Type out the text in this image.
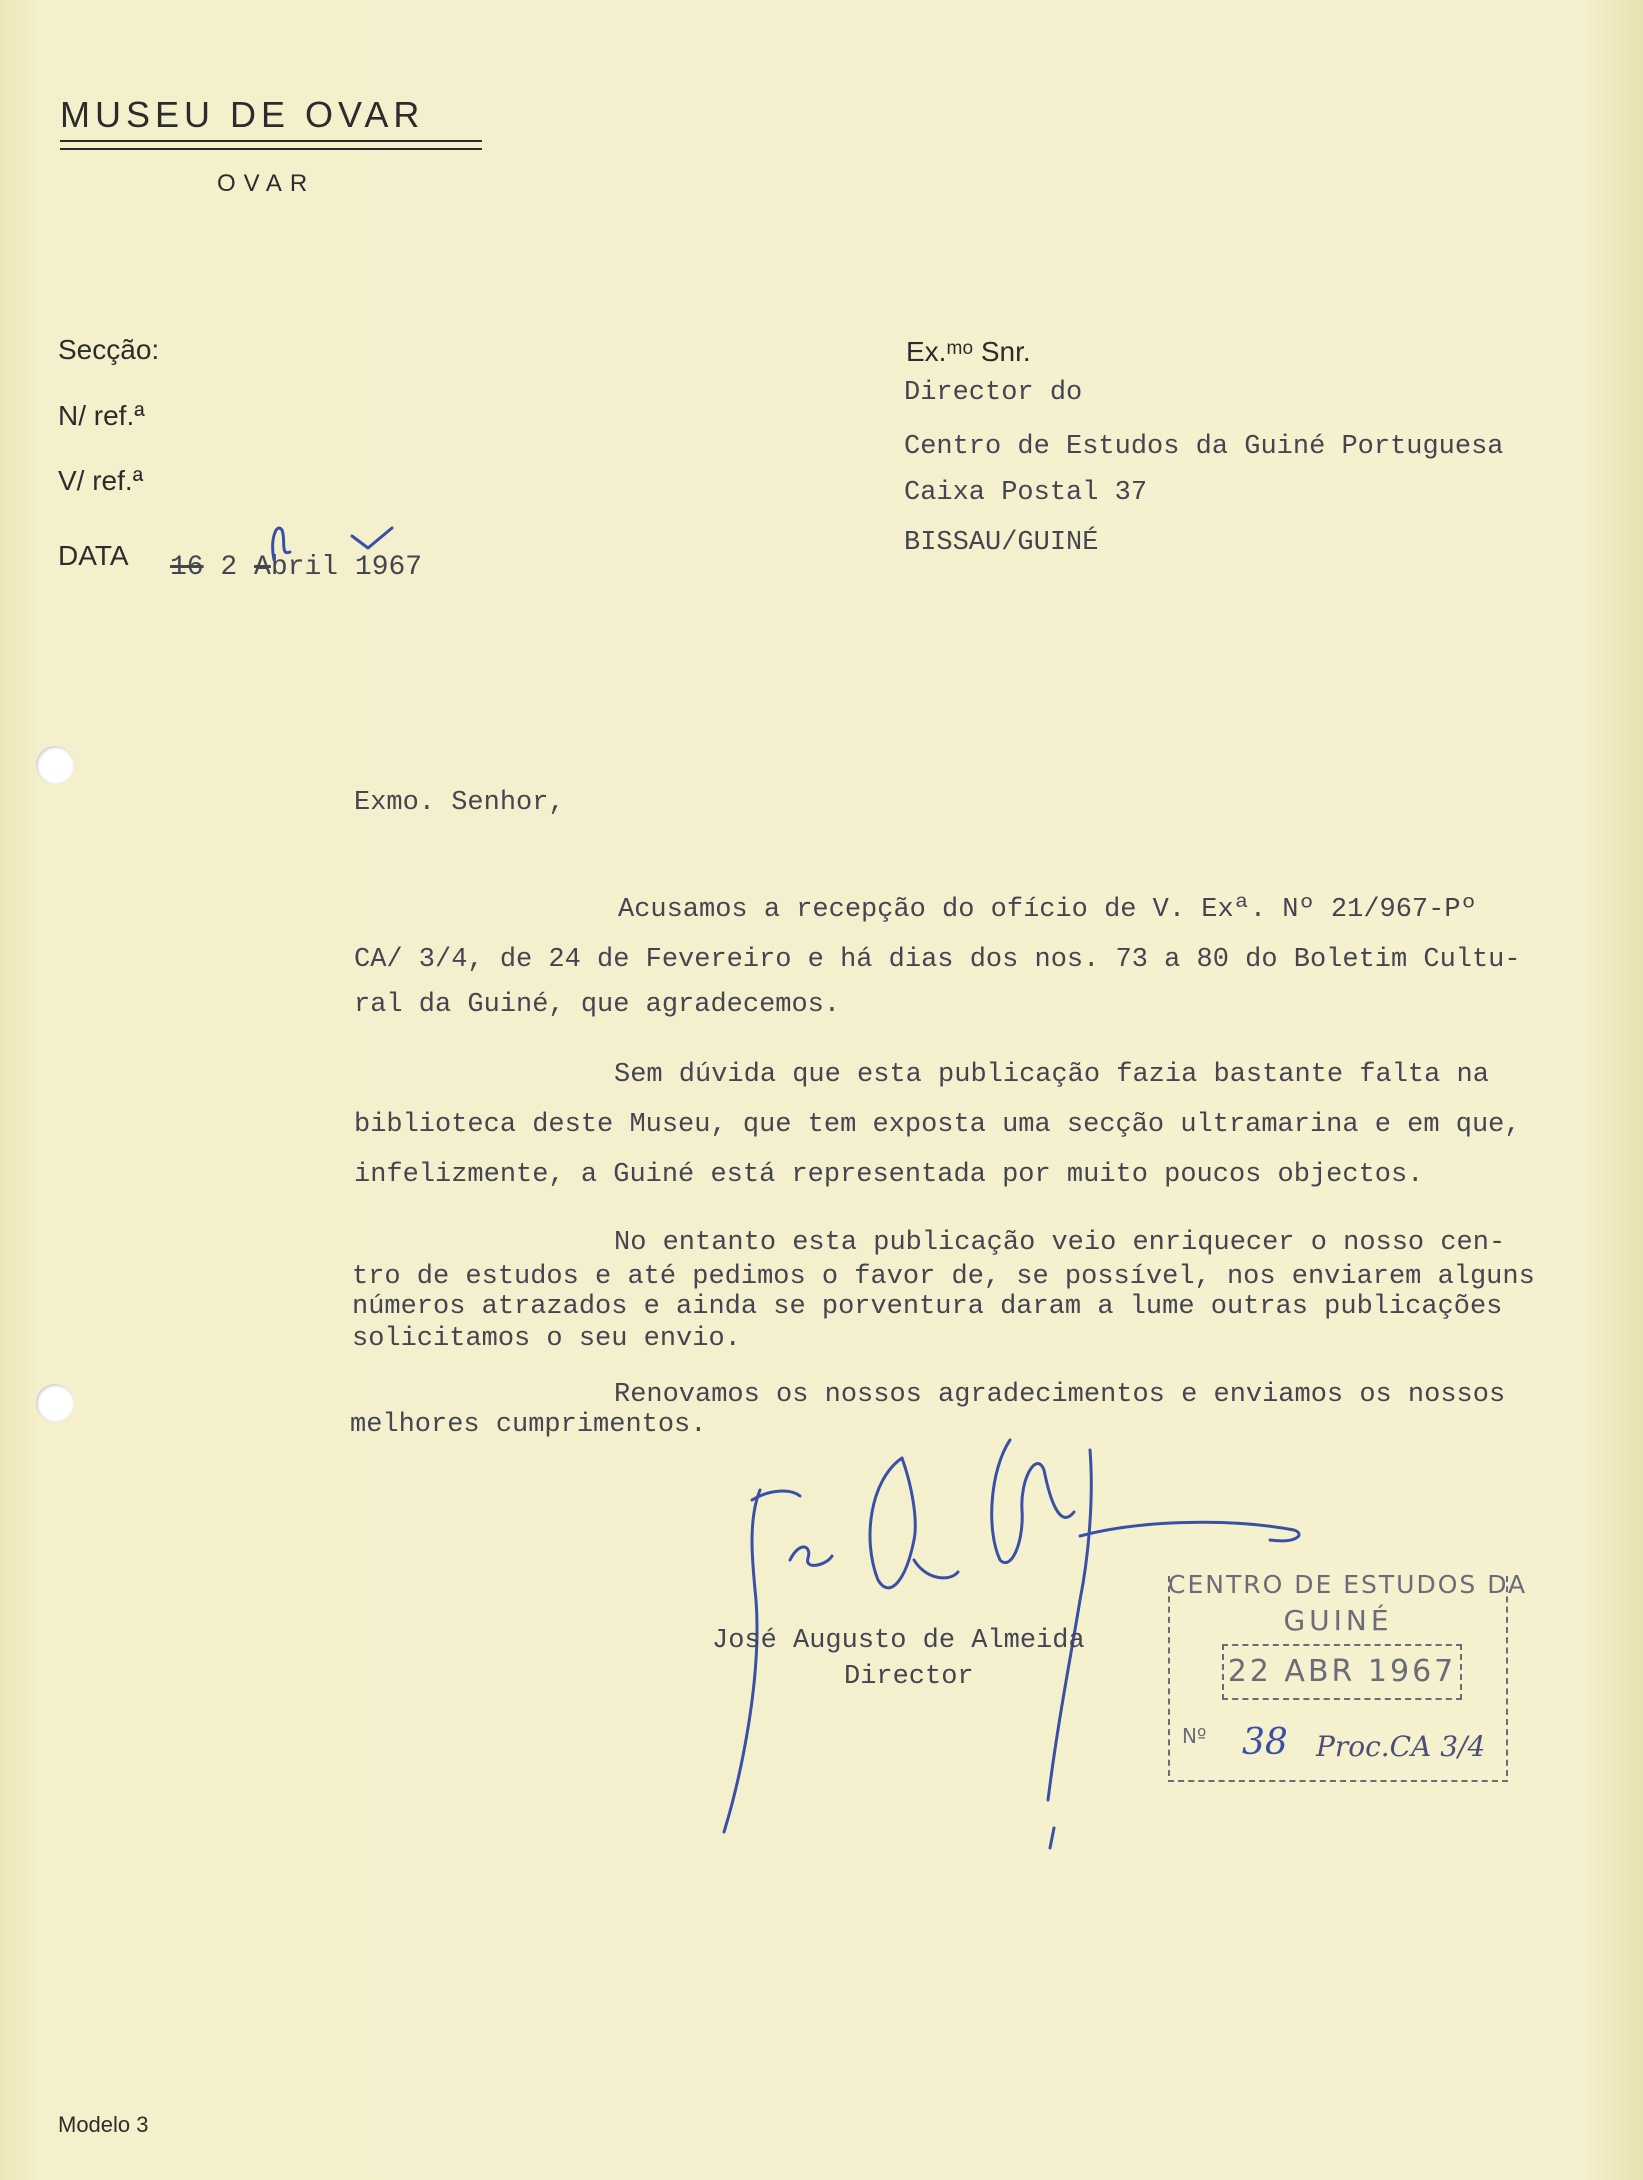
MUSEU DE OVAR
OVAR
Secção:
N/ ref.ª
V/ ref.ª
DATA 16 2 Abril 1967
Ex.ᵐᵒ Snr.
Director do
Centro de Estudos da Guiné Portuguesa
Caixa Postal 37
BISSAU/GUINÉ
Exmo. Senhor,
Acusamos a recepção do ofício de V. Exª. Nº 21/967-Pº
CA/ 3/4, de 24 de Fevereiro e há dias dos nos. 73 a 80 do Boletim Cultu-
ral da Guiné, que agradecemos.
Sem dúvida que esta publicação fazia bastante falta na
biblioteca deste Museu, que tem exposta uma secção ultramarina e em que,
infelizmente, a Guiné está representada por muito poucos objectos.
No entanto esta publicação veio enriquecer o nosso cen-
tro de estudos e até pedimos o favor de, se possível, nos enviarem alguns
números atrazados e ainda se porventura daram a lume outras publicações
solicitamos o seu envio.
Renovamos os nossos agradecimentos e enviamos os nossos
melhores cumprimentos.
José Augusto de Almeida
Director
CENTRO DE ESTUDOS DA
GUINÉ
22 ABR 1967
Nº 38 Proc.CA 3/4
Modelo 3
